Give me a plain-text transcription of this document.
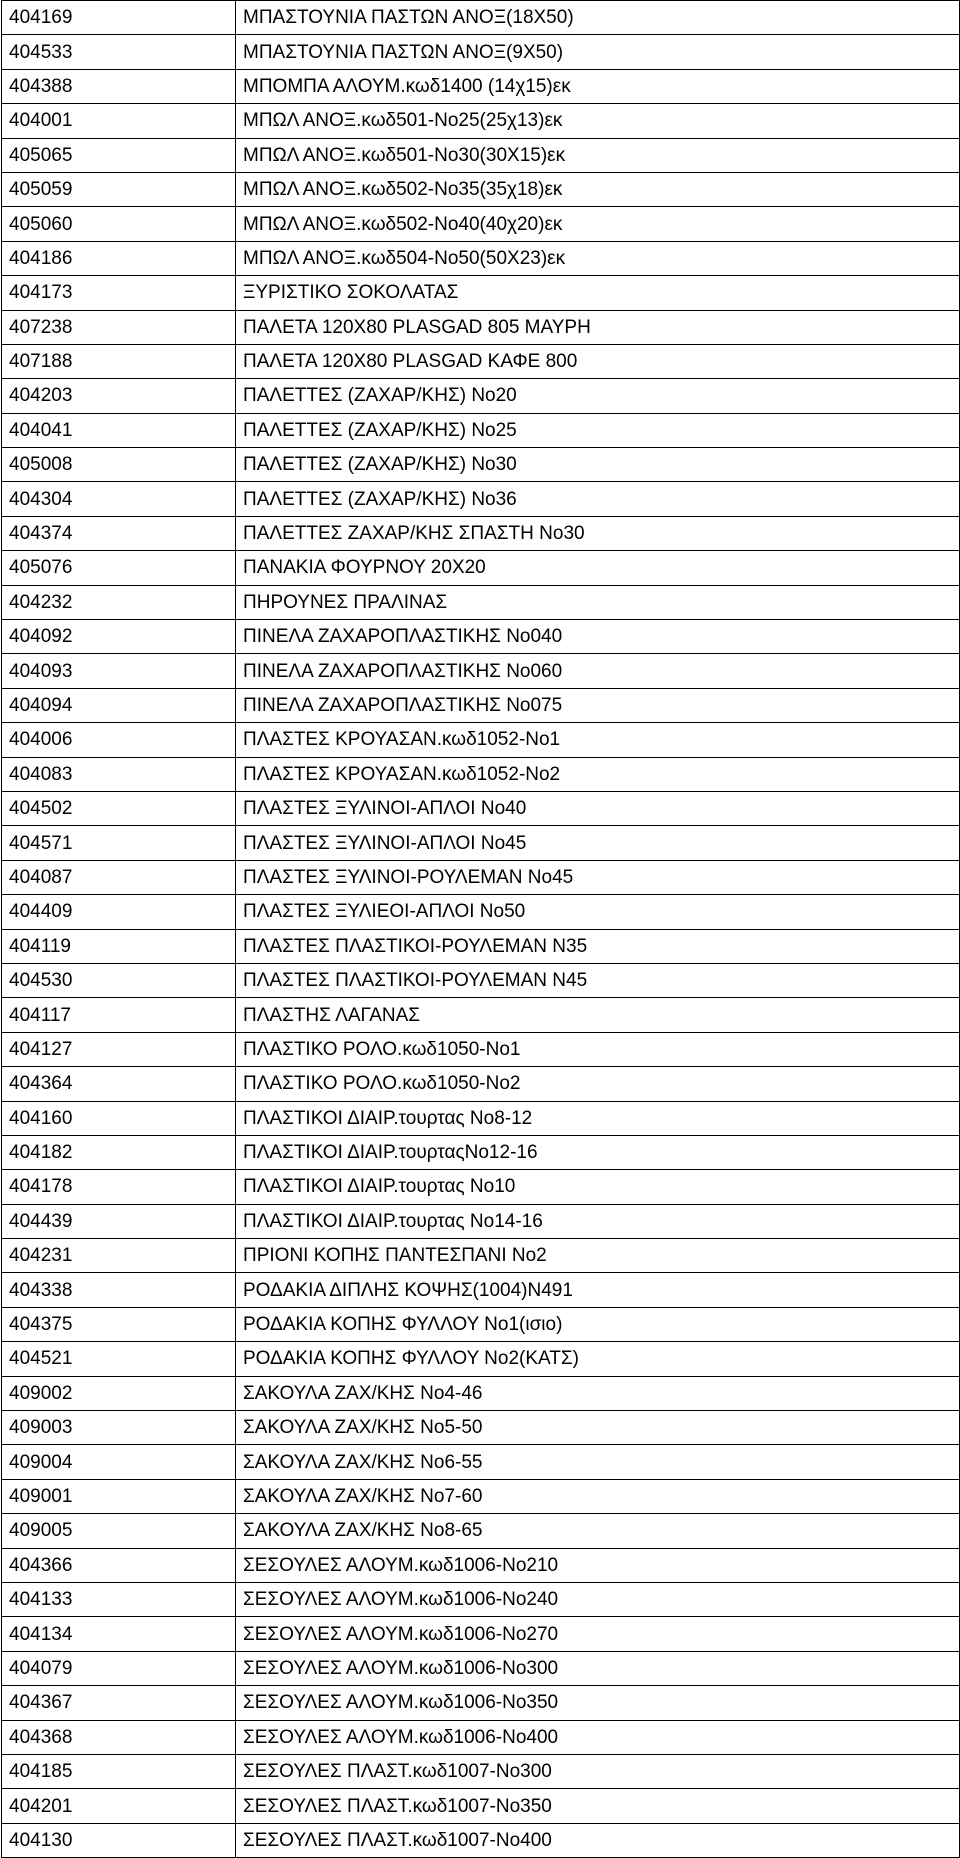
404169	ΜΠΑΣΤΟΥΝΙΑ ΠΑΣΤΩΝ ΑΝΟΞ(18Χ50)
404533	ΜΠΑΣΤΟΥΝΙΑ ΠΑΣΤΩΝ ΑΝΟΞ(9Χ50)
404388	ΜΠΟΜΠΑ ΑΛΟΥΜ.κωδ1400 (14χ15)εκ
404001	ΜΠΩΛ ΑΝΟΞ.κωδ501-Νο25(25χ13)εκ
405065	ΜΠΩΛ ΑΝΟΞ.κωδ501-Νο30(30Χ15)εκ
405059	ΜΠΩΛ ΑΝΟΞ.κωδ502-Νο35(35χ18)εκ
405060	ΜΠΩΛ ΑΝΟΞ.κωδ502-Νο40(40χ20)εκ
404186	ΜΠΩΛ ΑΝΟΞ.κωδ504-Νο50(50Χ23)εκ
404173	ΞΥΡΙΣΤΙΚΟ ΣΟΚΟΛΑΤΑΣ
407238	ΠΑΛΕΤΑ 120Χ80 PLASGAD 805 ΜΑΥΡΗ
407188	ΠΑΛΕΤΑ 120Χ80 PLASGAD ΚΑΦΕ 800
404203	ΠΑΛΕΤΤΕΣ (ΖΑΧΑΡ/ΚΗΣ) Νο20
404041	ΠΑΛΕΤΤΕΣ (ΖΑΧΑΡ/ΚΗΣ) Νο25
405008	ΠΑΛΕΤΤΕΣ (ΖΑΧΑΡ/ΚΗΣ) Νο30
404304	ΠΑΛΕΤΤΕΣ (ΖΑΧΑΡ/ΚΗΣ) Νο36
404374	ΠΑΛΕΤΤΕΣ ΖΑΧΑΡ/ΚΗΣ ΣΠΑΣΤΗ Νο30
405076	ΠΑΝΑΚΙΑ ΦΟΥΡΝΟΥ 20Χ20
404232	ΠΗΡΟΥΝΕΣ ΠΡΑΛΙΝΑΣ
404092	ΠΙΝΕΛΑ ΖΑΧΑΡΟΠΛΑΣΤΙΚΗΣ Νο040
404093	ΠΙΝΕΛΑ ΖΑΧΑΡΟΠΛΑΣΤΙΚΗΣ Νο060
404094	ΠΙΝΕΛΑ ΖΑΧΑΡΟΠΛΑΣΤΙΚΗΣ Νο075
404006	ΠΛΑΣΤΕΣ ΚΡΟΥΑΣΑΝ.κωδ1052-Νο1
404083	ΠΛΑΣΤΕΣ ΚΡΟΥΑΣΑΝ.κωδ1052-Νο2
404502	ΠΛΑΣΤΕΣ ΞΥΛΙΝΟΙ-ΑΠΛΟΙ Νο40
404571	ΠΛΑΣΤΕΣ ΞΥΛΙΝΟΙ-ΑΠΛΟΙ Νο45
404087	ΠΛΑΣΤΕΣ ΞΥΛΙΝΟΙ-ΡΟΥΛΕΜΑΝ Νο45
404409	ΠΛΑΣΤΕΣ ΞΥΛΙΕΟΙ-ΑΠΛΟΙ Νο50
404119	ΠΛΑΣΤΕΣ ΠΛΑΣΤΙΚΟΙ-ΡΟΥΛΕΜΑΝ Ν35
404530	ΠΛΑΣΤΕΣ ΠΛΑΣΤΙΚΟΙ-ΡΟΥΛΕΜΑΝ Ν45
404117	ΠΛΑΣΤΗΣ ΛΑΓΑΝΑΣ
404127	ΠΛΑΣΤΙΚΟ ΡΟΛΟ.κωδ1050-Νο1
404364	ΠΛΑΣΤΙΚΟ ΡΟΛΟ.κωδ1050-Νο2
404160	ΠΛΑΣΤΙΚΟΙ ΔΙΑΙΡ.τουρτας Νο8-12
404182	ΠΛΑΣΤΙΚΟΙ ΔΙΑΙΡ.τουρταςΝο12-16
404178	ΠΛΑΣΤΙΚΟΙ ΔΙΑΙΡ.τουρτας Νο10
404439	ΠΛΑΣΤΙΚΟΙ ΔΙΑΙΡ.τουρτας Νο14-16
404231	ΠΡΙΟΝΙ ΚΟΠΗΣ ΠΑΝΤΕΣΠΑΝΙ Νο2
404338	ΡΟΔΑΚΙΑ ΔΙΠΛΗΣ ΚΟΨΗΣ(1004)Ν491
404375	ΡΟΔΑΚΙΑ ΚΟΠΗΣ ΦΥΛΛΟΥ Νο1(ισιο)
404521	ΡΟΔΑΚΙΑ ΚΟΠΗΣ ΦΥΛΛΟΥ Νο2(ΚΑΤΣ)
409002	ΣΑΚΟΥΛΑ ΖΑΧ/ΚΗΣ Νο4-46
409003	ΣΑΚΟΥΛΑ ΖΑΧ/ΚΗΣ Νο5-50
409004	ΣΑΚΟΥΛΑ ΖΑΧ/ΚΗΣ Νο6-55
409001	ΣΑΚΟΥΛΑ ΖΑΧ/ΚΗΣ Νο7-60
409005	ΣΑΚΟΥΛΑ ΖΑΧ/ΚΗΣ Νο8-65
404366	ΣΕΣΟΥΛΕΣ ΑΛΟΥΜ.κωδ1006-Νο210
404133	ΣΕΣΟΥΛΕΣ ΑΛΟΥΜ.κωδ1006-Νο240
404134	ΣΕΣΟΥΛΕΣ ΑΛΟΥΜ.κωδ1006-Νο270
404079	ΣΕΣΟΥΛΕΣ ΑΛΟΥΜ.κωδ1006-Νο300
404367	ΣΕΣΟΥΛΕΣ ΑΛΟΥΜ.κωδ1006-Νο350
404368	ΣΕΣΟΥΛΕΣ ΑΛΟΥΜ.κωδ1006-Νο400
404185	ΣΕΣΟΥΛΕΣ ΠΛΑΣΤ.κωδ1007-Νο300
404201	ΣΕΣΟΥΛΕΣ ΠΛΑΣΤ.κωδ1007-Νο350
404130	ΣΕΣΟΥΛΕΣ ΠΛΑΣΤ.κωδ1007-Νο400
